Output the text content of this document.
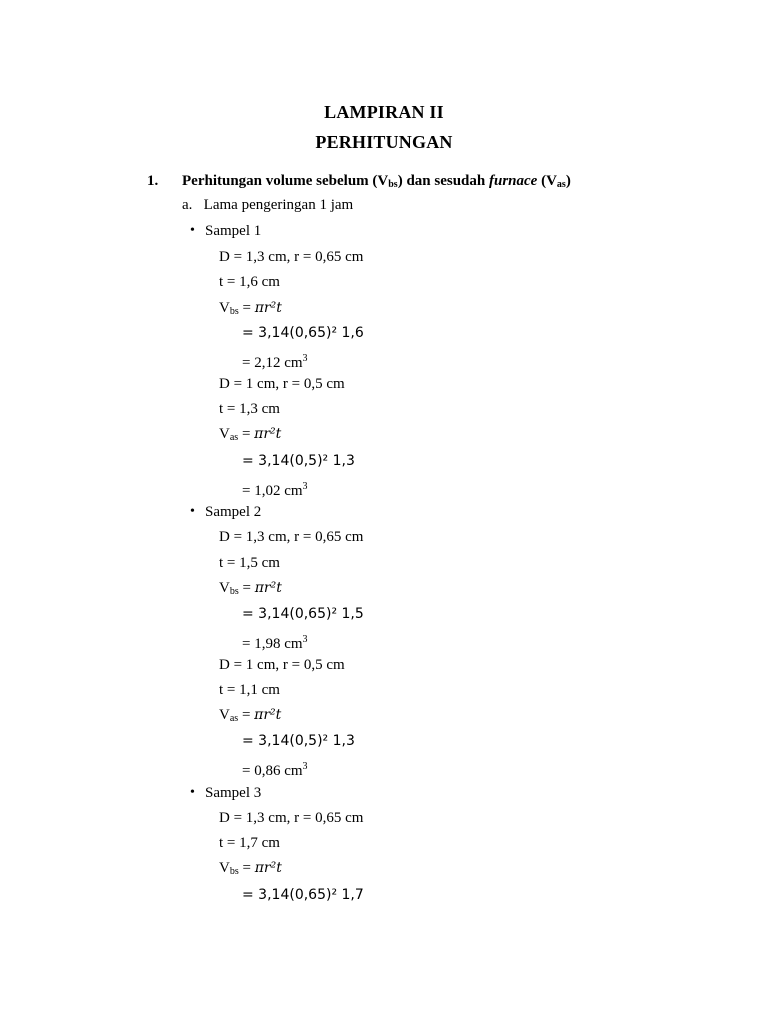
LAMPIRAN II
PERHITUNGAN
1. Perhitungan volume sebelum $(V_{bs})$ dan sesudah furnace $(V_{as})$
a. Lama pengeringan 1 jam
• Sampel 1
D = 1,3 cm, r = 0,65 cm
t = 1,6 cm
$V_{bs} = \pi r^2t$
= 3,14(0,65)² 1,6
= 2,12 $cm^3$
D = 1 cm, r = 0,5 cm
t = 1,3 cm
$V_{as} = \pi r^2t$
= 3,14(0,5)² 1,3
= 1,02 $cm^3$
• Sampel 2
D = 1,3 cm, r = 0,65 cm
t = 1,5 cm
$V_{bs} = \pi r^2t$
= 3,14(0,65)² 1,5
= 1,98 $cm^3$
D = 1 cm, r = 0,5 cm
t = 1,1 cm
$V_{as} = \pi r^2t$
= 3,14(0,5)² 1,3
= 0,86 $cm^3$
• Sampel 3
D = 1,3 cm, r = 0,65 cm
t = 1,7 cm
$V_{bs} = \pi r^2t$
= 3,14(0,65)² 1,7
